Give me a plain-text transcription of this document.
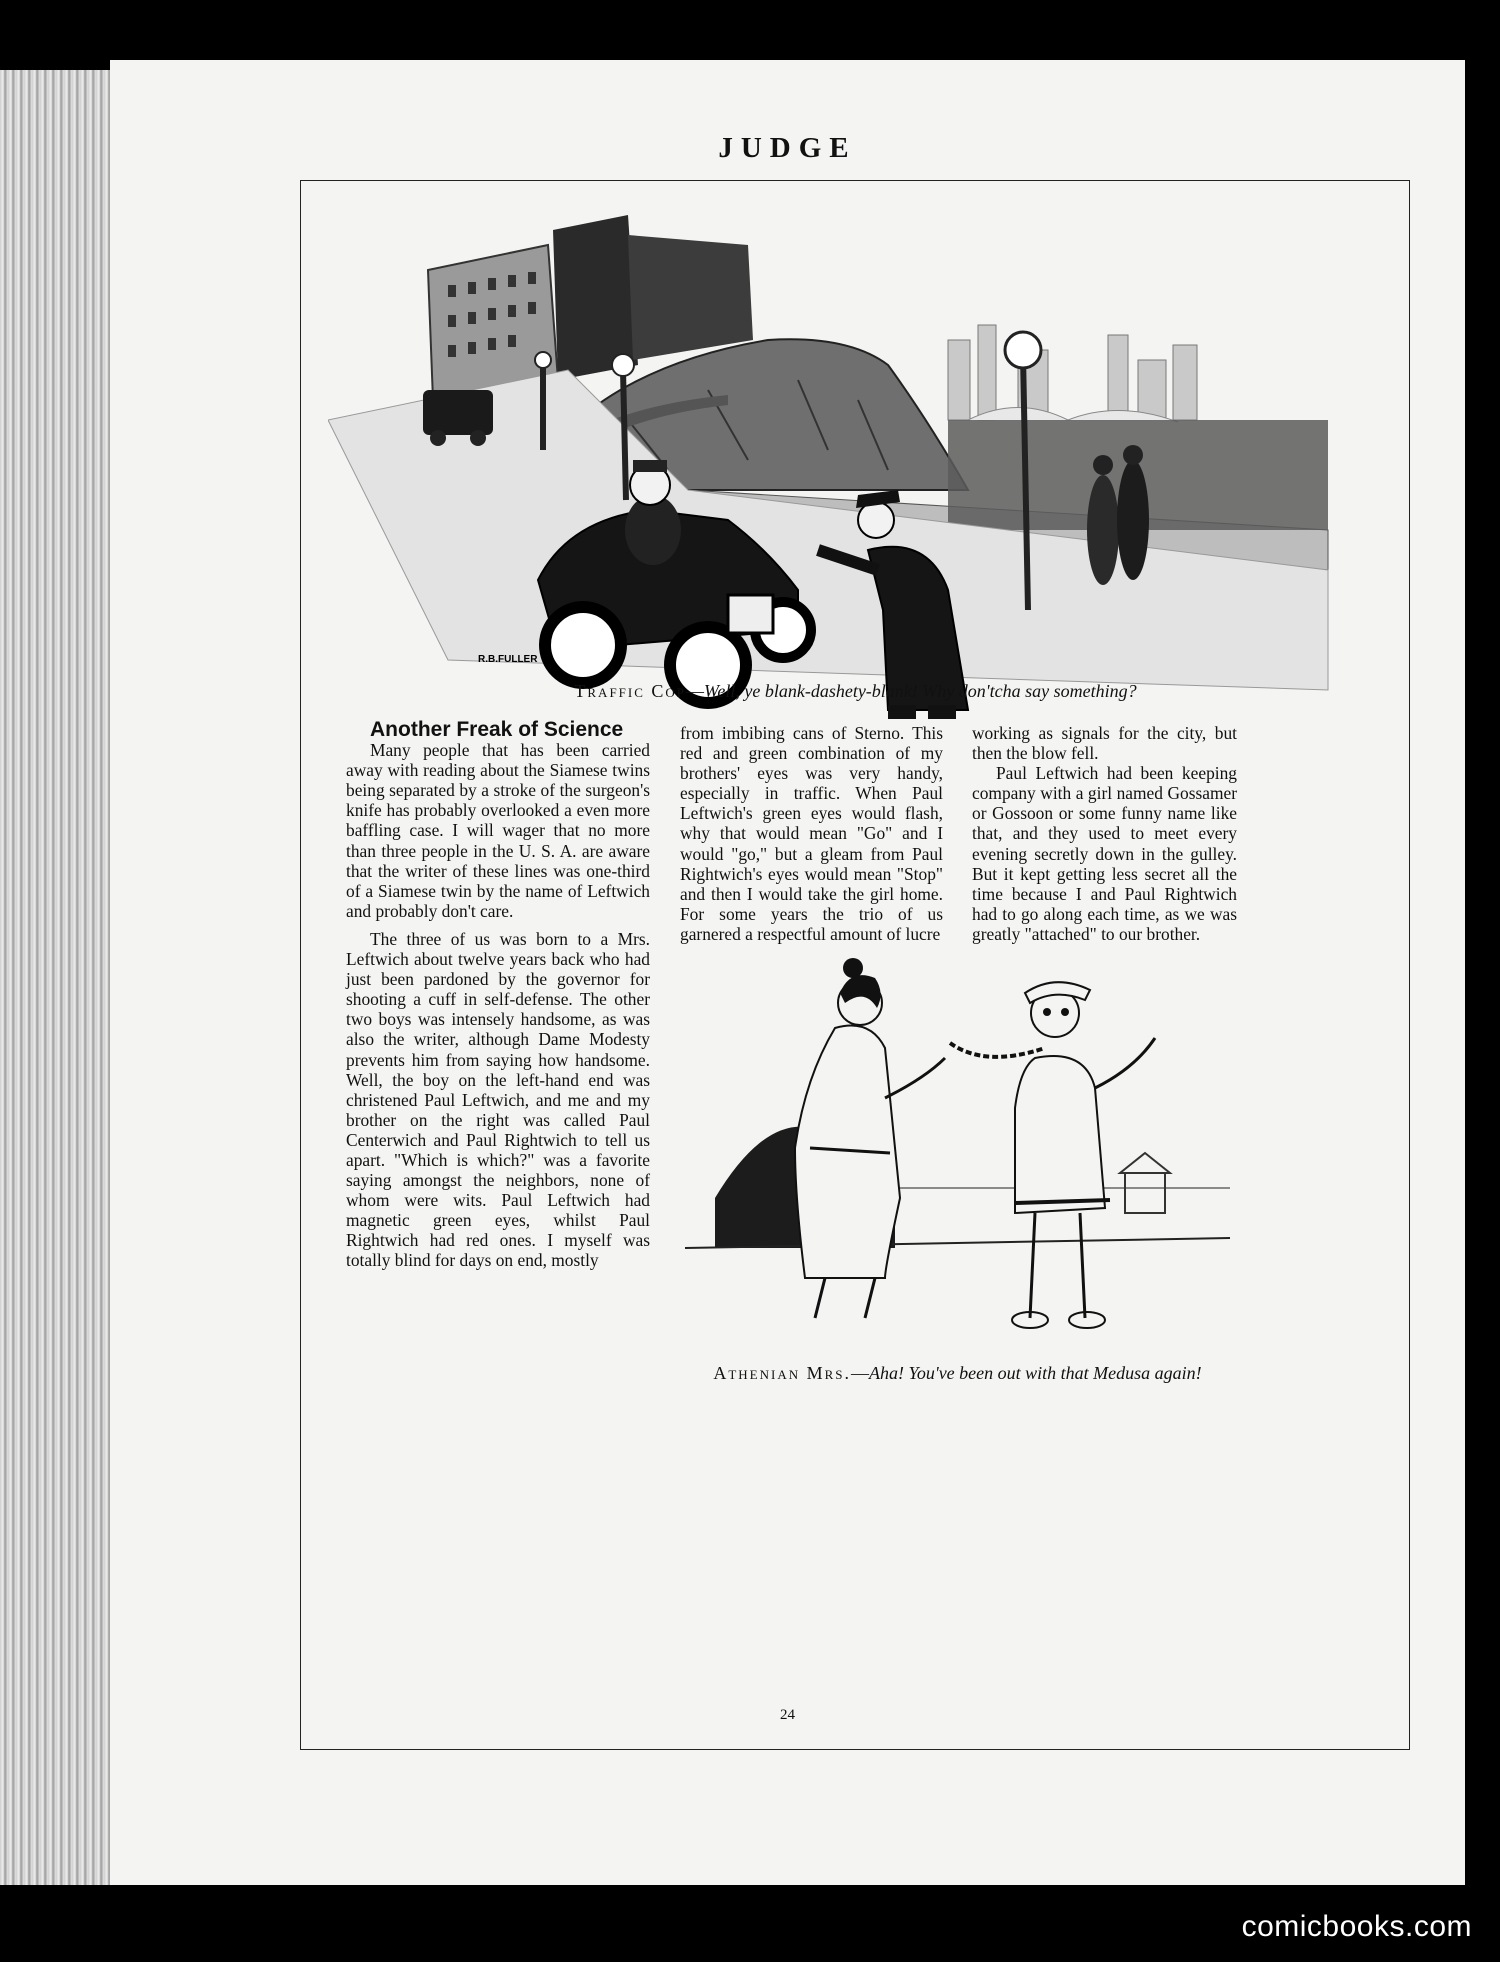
JUDGE
R.B.FULLER
Traffic Cop—Well, ye blank-dashety-blank! Why don'tcha say something?

Another Freak of Science

Many people that has been carried away with reading about the Siamese twins being separated by a stroke of the surgeon's knife has probably overlooked a even more baffling case. I will wager that no more than three people in the U. S. A. are aware that the writer of these lines was one-third of a Siamese twin by the name of Leftwich and probably don't care.

The three of us was born to a Mrs. Leftwich about twelve years back who had just been pardoned by the governor for shooting a cuff in self-defense. The other two boys was intensely handsome, as was also the writer, although Dame Modesty prevents him from saying how handsome. Well, the boy on the left-hand end was christened Paul Leftwich, and me and my brother on the right was called Paul Centerwich and Paul Rightwich to tell us apart. "Which is which?" was a favorite saying amongst the neighbors, none of whom were wits. Paul Leftwich had magnetic green eyes, whilst Paul Rightwich had red ones. I myself was totally blind for days on end, mostly

from imbibing cans of Sterno. This red and green combination of my brothers' eyes was very handy, especially in traffic. When Paul Leftwich's green eyes would flash, why that would mean "Go" and I would "go," but a gleam from Paul Rightwich's eyes would mean "Stop" and then I would take the girl home. For some years the trio of us garnered a respectful amount of lucre

working as signals for the city, but then the blow fell.

Paul Leftwich had been keeping company with a girl named Gossamer or Gossoon or some funny name like that, and they used to meet every evening secretly down in the gulley. But it kept getting less secret all the time because I and Paul Rightwich had to go along each time, as we was greatly "attached" to our brother.

Athenian Mrs.—Aha! You've been out with that Medusa again!
24
comicbooks.com
